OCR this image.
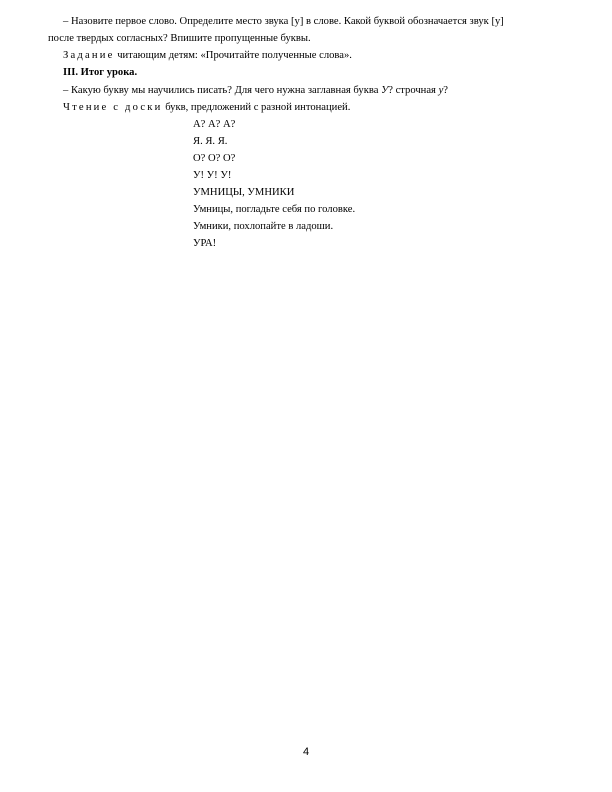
– Назовите первое слово. Определите место звука [у] в слове. Какой буквой обозначается звук [у]
после твердых согласных? Впишите пропущенные буквы.
Задание читающим детям: «Прочитайте полученные слова».
III. Итог урока.
– Какую букву мы научились писать? Для чего нужна заглавная буква У? строчная у?
Чтение с доски букв, предложений с разной интонацией.
А? А? А?
Я. Я. Я.
О? О? О?
У! У! У!
УМНИЦЫ, УМНИКИ
Умницы, погладьте себя по головке.
Умники, похлопайте в ладоши.
УРА!
4
